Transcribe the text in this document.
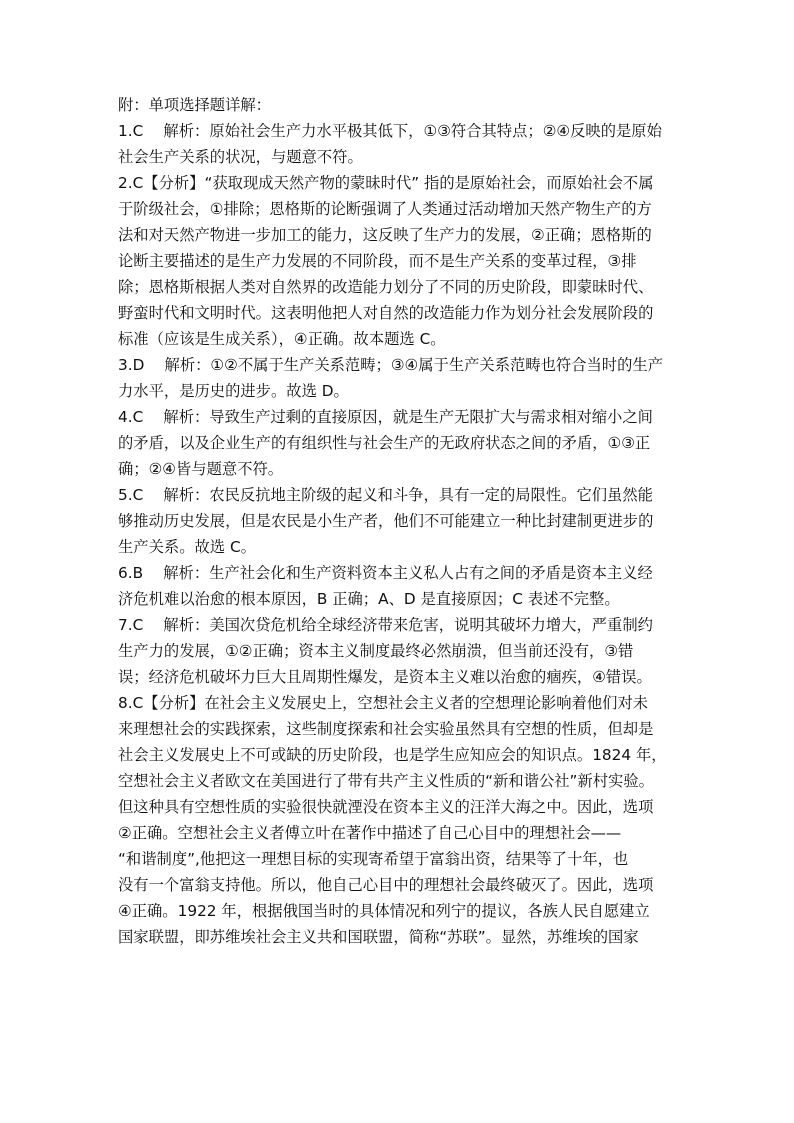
附：单项选择题详解：
1.C　 解析：原始社会生产力水平极其低下，①③符合其特点；②④反映的是原始
社会生产关系的状况，与题意不符。
2.C【分析】“获取现成天然产物的蒙昧时代” 指的是原始社会，而原始社会不属
于阶级社会，①排除；恩格斯的论断强调了人类通过活动增加天然产物生产的方
法和对天然产物进一步加工的能力，这反映了生产力的发展，②正确；恩格斯的
论断主要描述的是生产力发展的不同阶段，而不是生产关系的变革过程，③排
除；恩格斯根据人类对自然界的改造能力划分了不同的历史阶段，即蒙昧时代、
野蛮时代和文明时代。这表明他把人对自然的改造能力作为划分社会发展阶段的
标准（应该是生成关系），④正确。故本题选 C。
3.D　 解析：①②不属于生产关系范畴；③④属于生产关系范畴也符合当时的生产
力水平，是历史的进步。故选 D。
4.C　 解析：导致生产过剩的直接原因，就是生产无限扩大与需求相对缩小之间
的矛盾，以及企业生产的有组织性与社会生产的无政府状态之间的矛盾，①③正
确；②④皆与题意不符。
5.C　 解析：农民反抗地主阶级的起义和斗争，具有一定的局限性。它们虽然能
够推动历史发展，但是农民是小生产者，他们不可能建立一种比封建制更进步的
生产关系。故选 C。
6.B　 解析：生产社会化和生产资料资本主义私人占有之间的矛盾是资本主义经
济危机难以治愈的根本原因，B 正确；A、D 是直接原因；C 表述不完整。
7.C　 解析：美国次贷危机给全球经济带来危害，说明其破坏力增大，严重制约
生产力的发展，①②正确；资本主义制度最终必然崩溃，但当前还没有，③错
误；经济危机破坏力巨大且周期性爆发，是资本主义难以治愈的痼疾，④错误。
8.C【分析】在社会主义发展史上，空想社会主义者的空想理论影响着他们对未
来理想社会的实践探索，这些制度探索和社会实验虽然具有空想的性质，但却是
社会主义发展史上不可或缺的历史阶段，也是学生应知应会的知识点。1824 年，
空想社会主义者欧文在美国进行了带有共产主义性质的“新和谐公社”新村实验。
但这种具有空想性质的实验很快就湮没在资本主义的汪洋大海之中。因此，选项
②正确。空想社会主义者傅立叶在著作中描述了自己心目中的理想社会——
“和谐制度”,他把这一理想目标的实现寄希望于富翁出资，结果等了十年，也
没有一个富翁支持他。所以，他自己心目中的理想社会最终破灭了。因此，选项
④正确。1922 年，根据俄国当时的具体情况和列宁的提议，各族人民自愿建立
国家联盟，即苏维埃社会主义共和国联盟，简称“苏联”。显然，苏维埃的国家
